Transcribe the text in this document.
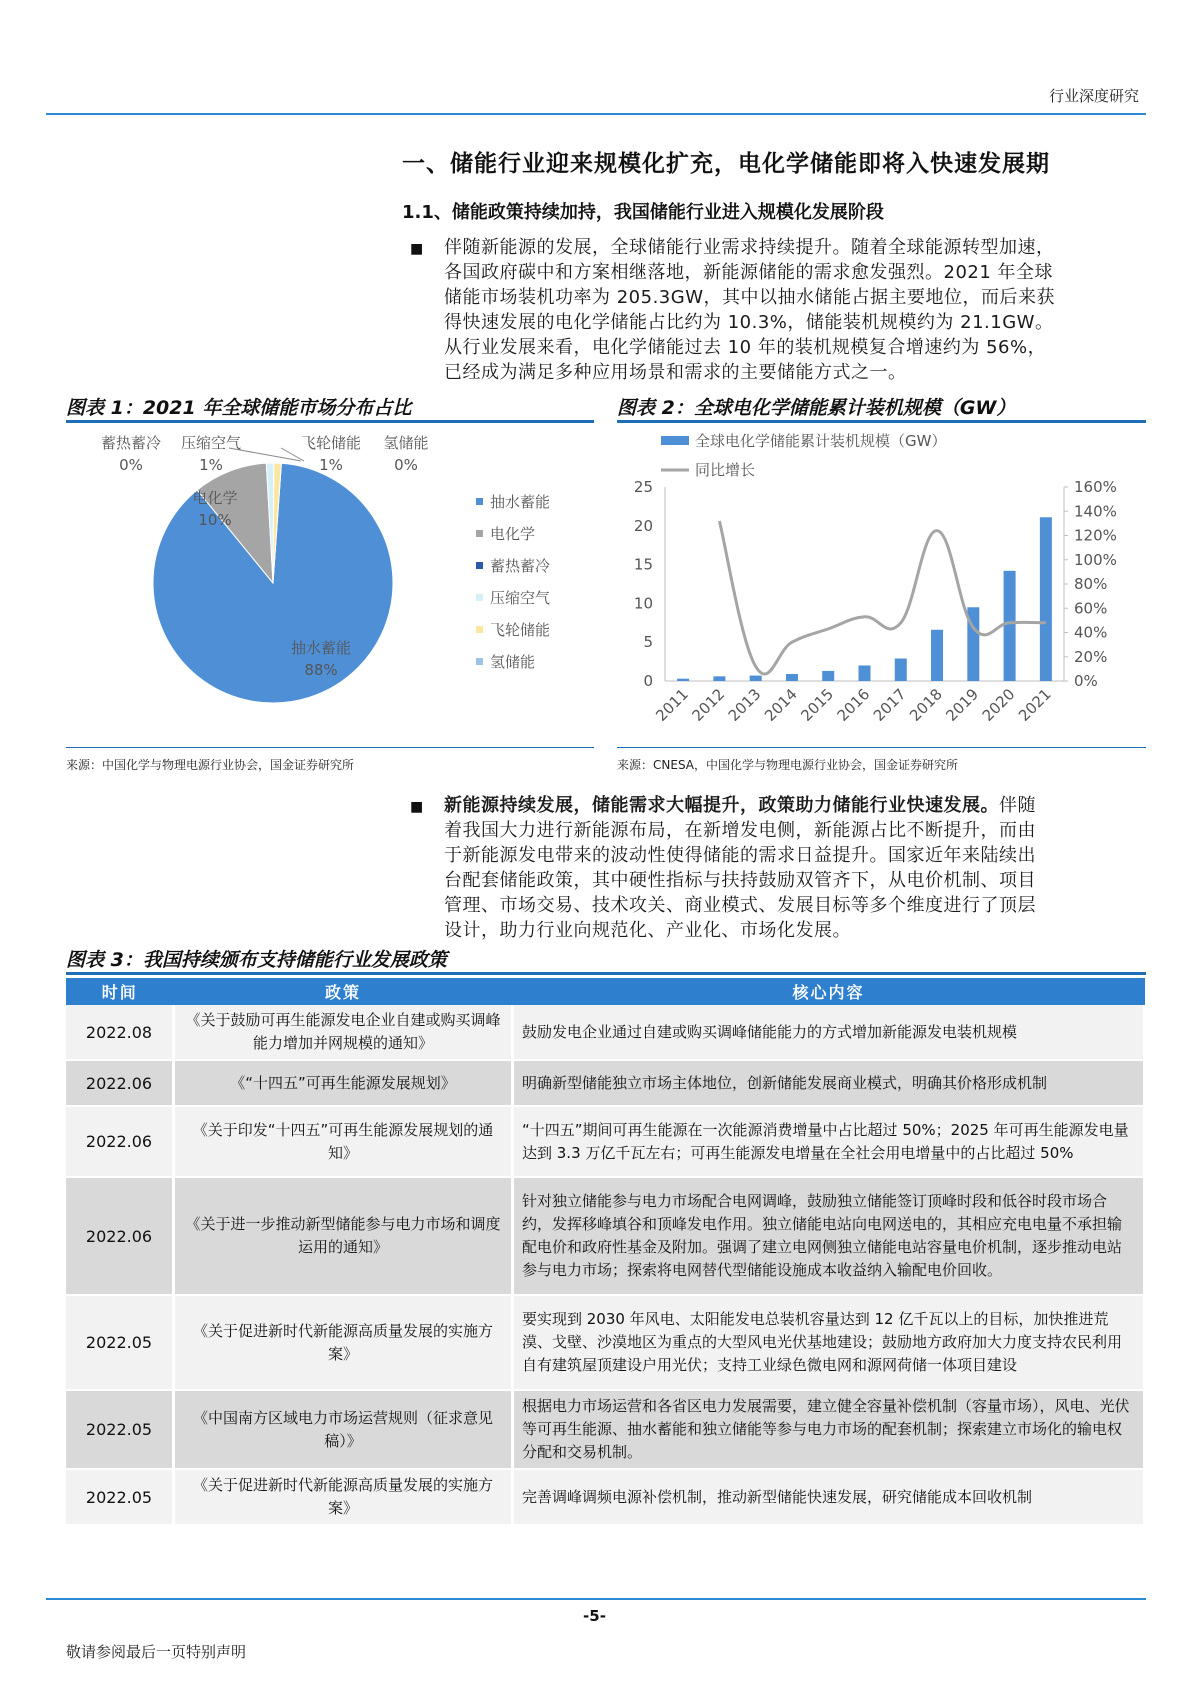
行业深度研究
一、储能行业迎来规模化扩充，电化学储能即将入快速发展期
1.1、储能政策持续加持，我国储能行业进入规模化发展阶段
■ 伴随新能源的发展，全球储能行业需求持续提升。随着全球能源转型加速，
各国政府碳中和方案相继落地，新能源储能的需求愈发强烈。2021 年全球
储能市场装机功率为 205.3GW，其中以抽水储能占据主要地位，而后来获
得快速发展的电化学储能占比约为 10.3%，储能装机规模约为 21.1GW。
从行业发展来看，电化学储能过去 10 年的装机规模复合增速约为 56%，
已经成为满足多种应用场景和需求的主要储能方式之一。
图表 1：2021 年全球储能市场分布占比
抽水蓄能
88%
电化学
10%
蓄热蓄冷
0%
压缩空气
1%
飞轮储能
1%
氢储能
0%
抽水蓄能
电化学
蓄热蓄冷
压缩空气
飞轮储能
氢储能
来源：中国化学与物理电源行业协会，国金证券研究所
图表 2：全球电化学储能累计装机规模（GW）
0
5
10
15
20
25
0%
20%
40%
60%
80%
100%
120%
140%
160%
2011
2012
2013
2014
2015
2016
2017
2018
2019
2020
2021
全球电化学储能累计装机规模（GW）
同比增长
来源：CNESA，中国化学与物理电源行业协会，国金证券研究所
■ 新能源持续发展，储能需求大幅提升，政策助力储能行业快速发展。伴随
着我国大力进行新能源布局，在新增发电侧，新能源占比不断提升，而由
于新能源发电带来的波动性使得储能的需求日益提升。国家近年来陆续出
台配套储能政策，其中硬性指标与扶持鼓励双管齐下，从电价机制、项目
管理、市场交易、技术攻关、商业模式、发展目标等多个维度进行了顶层
设计，助力行业向规范化、产业化、市场化发展。
图表 3：我国持续颁布支持储能行业发展政策
时间	政策	核心内容
2022.08	《关于鼓励可再生能源发电企业自建或购买调峰能力增加并网规模的通知》	鼓励发电企业通过自建或购买调峰储能能力的方式增加新能源发电装机规模
2022.06	《“十四五”可再生能源发展规划》	明确新型储能独立市场主体地位，创新储能发展商业模式，明确其价格形成机制
2022.06	《关于印发“十四五”可再生能源发展规划的通知》	“十四五”期间可再生能源在一次能源消费增量中占比超过 50%；2025 年可再生能源发电量达到 3.3 万亿千瓦左右；可再生能源发电增量在全社会用电增量中的占比超过 50%
2022.06	《关于进一步推动新型储能参与电力市场和调度运用的通知》	针对独立储能参与电力市场配合电网调峰，鼓励独立储能签订顶峰时段和低谷时段市场合约，发挥移峰填谷和顶峰发电作用。独立储能电站向电网送电的，其相应充电电量不承担输配电价和政府性基金及附加。强调了建立电网侧独立储能电站容量电价机制，逐步推动电站参与电力市场；探索将电网替代型储能设施成本收益纳入输配电价回收。
2022.05	《关于促进新时代新能源高质量发展的实施方案》	要实现到 2030 年风电、太阳能发电总装机容量达到 12 亿千瓦以上的目标，加快推进荒漠、戈壁、沙漠地区为重点的大型风电光伏基地建设；鼓励地方政府加大力度支持农民利用自有建筑屋顶建设户用光伏；支持工业绿色微电网和源网荷储一体项目建设
2022.05	《中国南方区域电力市场运营规则（征求意见稿）》	根据电力市场运营和各省区电力发展需要，建立健全容量补偿机制（容量市场），风电、光伏等可再生能源、抽水蓄能和独立储能等参与电力市场的配套机制；探索建立市场化的输电权分配和交易机制。
2022.05	《关于促进新时代新能源高质量发展的实施方案》	完善调峰调频电源补偿机制，推动新型储能快速发展，研究储能成本回收机制
-5-
敬请参阅最后一页特别声明
